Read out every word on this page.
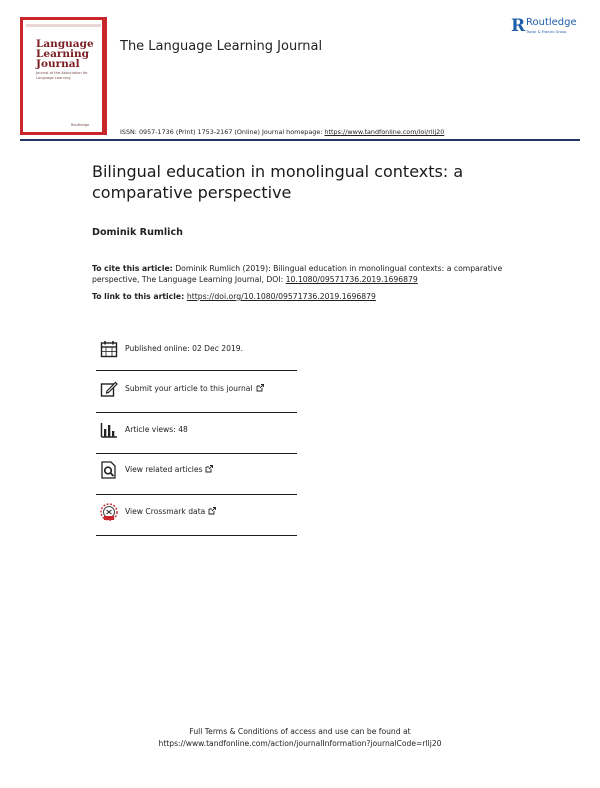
Language
Learning
Journal
Journal of the Association for Language Learning
Routledge
The Language Learning Journal
R Routledge
Taylor & Francis Group
ISSN: 0957-1736 (Print) 1753-2167 (Online) Journal homepage: https://www.tandfonline.com/loi/rllj20
Bilingual education in monolingual contexts: a comparative perspective
Dominik Rumlich
To cite this article: Dominik Rumlich (2019): Bilingual education in monolingual contexts: a comparative perspective, The Language Learning Journal, DOI: 10.1080/09571736.2019.1696879
To link to this article: https://doi.org/10.1080/09571736.2019.1696879
Published online: 02 Dec 2019.
Submit your article to this journal
Article views: 48
View related articles
View Crossmark data
Full Terms & Conditions of access and use can be found at
https://www.tandfonline.com/action/journalInformation?journalCode=rllj20
